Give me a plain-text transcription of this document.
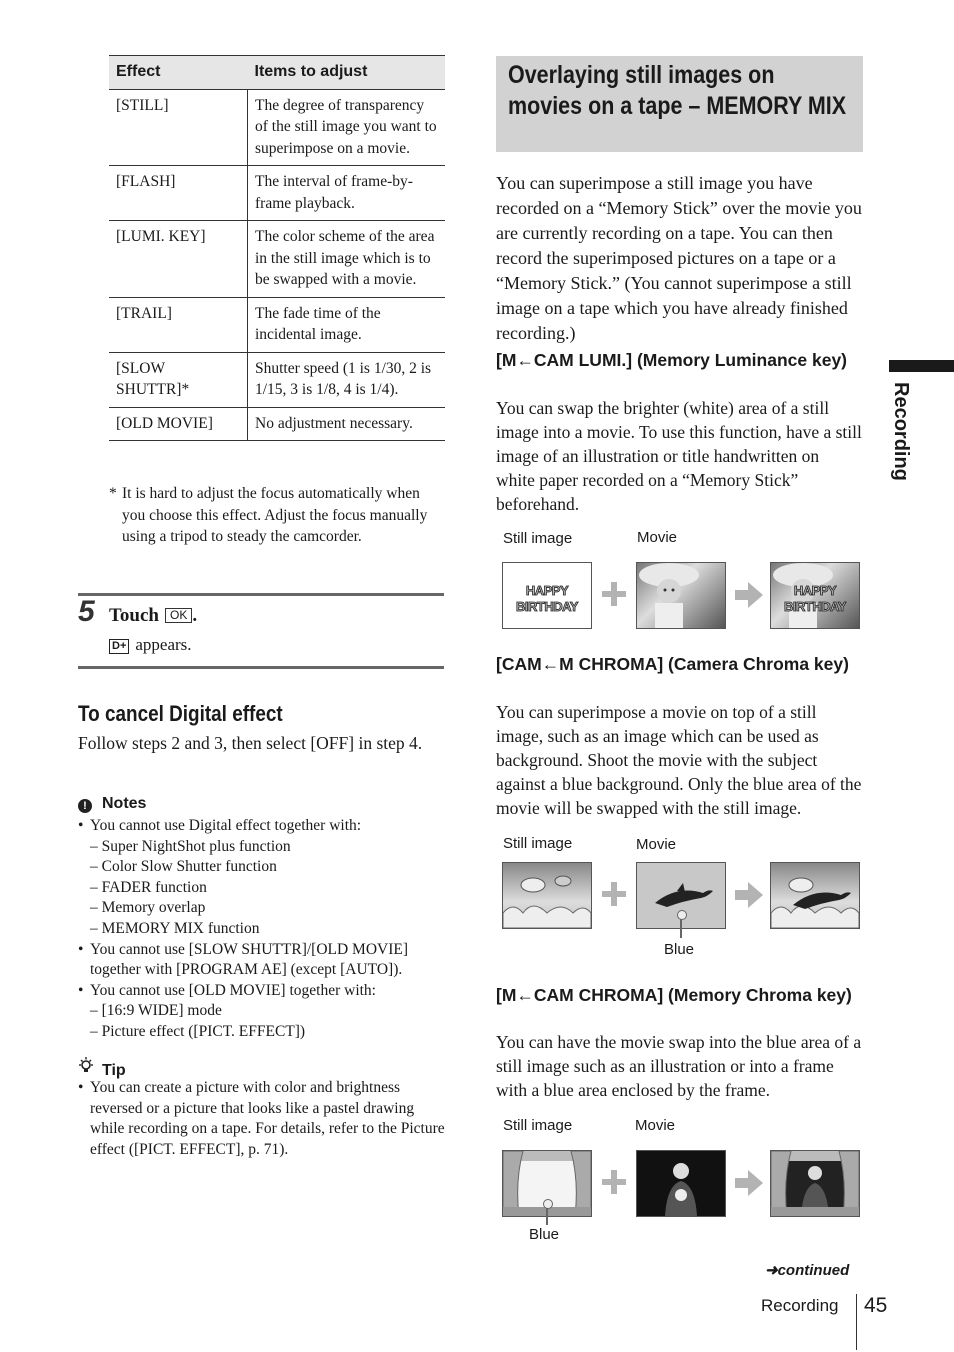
Effect	Items to adjust
[STILL]	The degree of transparency of the still image you want to superimpose on a movie.
[FLASH]	The interval of frame-by-frame playback.
[LUMI. KEY]	The color scheme of the area in the still image which is to be swapped with a movie.
[TRAIL]	The fade time of the incidental image.
[SLOW SHUTTR]*	Shutter speed (1 is 1/30, 2 is 1/15, 3 is 1/8, 4 is 1/4).
[OLD MOVIE]	No adjustment necessary.
* It is hard to adjust the focus automatically when you choose this effect. Adjust the focus manually using a tripod to steady the camcorder.
5 Touch OK .
D+ appears.
To cancel Digital effect
Follow steps 2 and 3, then select [OFF] in step 4.
! Notes
• You cannot use Digital effect together with:
– Super NightShot plus function
– Color Slow Shutter function
– FADER function
– Memory overlap
– MEMORY MIX function
• You cannot use [SLOW SHUTTR]/[OLD MOVIE] together with [PROGRAM AE] (except [AUTO]).
• You cannot use [OLD MOVIE] together with:
– [16:9 WIDE] mode
– Picture effect ([PICT. EFFECT])
Tip
• You can create a picture with color and brightness reversed or a picture that looks like a pastel drawing while recording on a tape. For details, refer to the Picture effect ([PICT. EFFECT], p. 71).
Overlaying still images on movies on a tape – MEMORY MIX
You can superimpose a still image you have recorded on a “Memory Stick” over the movie you are currently recording on a tape. You can then record the superimposed pictures on a tape or a “Memory Stick.” (You cannot superimpose a still image on a tape which you have already finished recording.)
[M←CAM LUMI.] (Memory Luminance key)
You can swap the brighter (white) area of a still image into a movie. To use this function, have a still image of an illustration or title handwritten on white paper recorded on a “Memory Stick” beforehand.
Still image	Movie
HAPPY
BIRTHDAY
HAPPY
BIRTHDAY
[CAM←M CHROMA] (Camera Chroma key)
You can superimpose a movie on top of a still image, such as an image which can be used as background. Shoot the movie with the subject against a blue background. Only the blue area of the movie will be swapped with the still image.
Still image	Movie
Blue
[M←CAM CHROMA] (Memory Chroma key)
You can have the movie swap into the blue area of a still image such as an illustration or into a frame with a blue area enclosed by the frame.
Still image	Movie
Blue
Recording
➜continued
Recording 45
